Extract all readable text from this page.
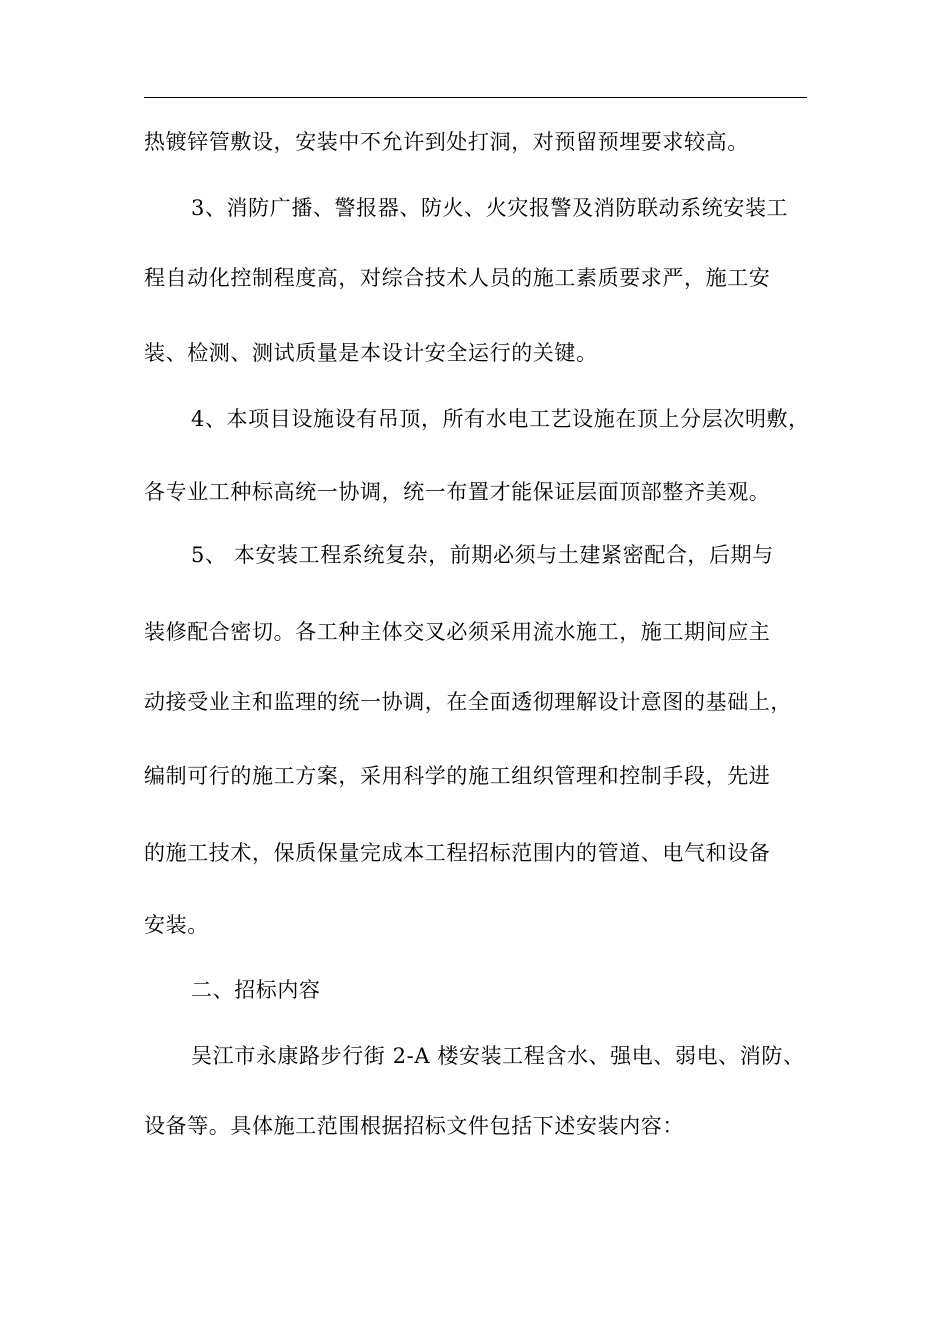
热镀锌管敷设，安装中不允许到处打洞，对预留预埋要求较高。
3、消防广播、警报器、防火、火灾报警及消防联动系统安装工
程自动化控制程度高，对综合技术人员的施工素质要求严，施工安
装、检测、测试质量是本设计安全运行的关键。
4、本项目设施设有吊顶，所有水电工艺设施在顶上分层次明敷，
各专业工种标高统一协调，统一布置才能保证层面顶部整齐美观。
5、 本安装工程系统复杂，前期必须与土建紧密配合，后期与
装修配合密切。各工种主体交叉必须采用流水施工，施工期间应主
动接受业主和监理的统一协调，在全面透彻理解设计意图的基础上，
编制可行的施工方案，采用科学的施工组织管理和控制手段，先进
的施工技术，保质保量完成本工程招标范围内的管道、电气和设备
安装。
二、招标内容
吴江市永康路步行街 2-A 楼安装工程含水、强电、弱电、消防、
设备等。具体施工范围根据招标文件包括下述安装内容：
